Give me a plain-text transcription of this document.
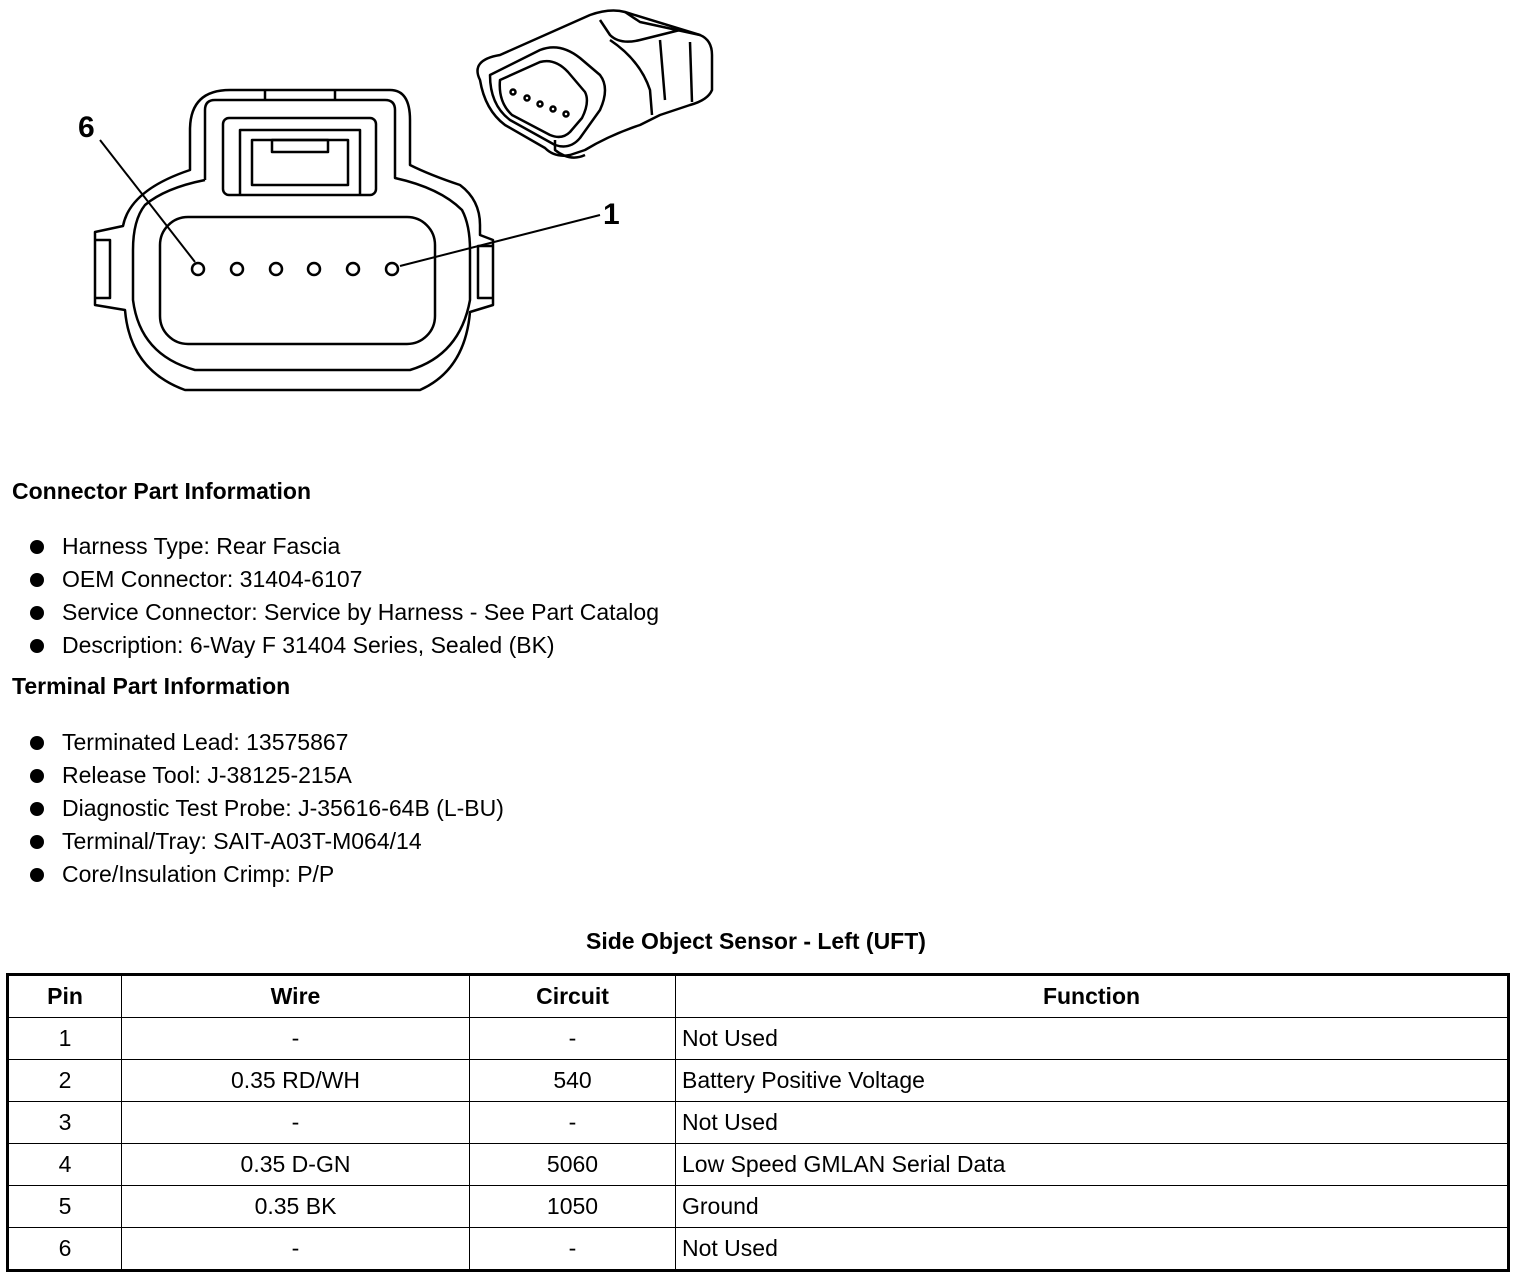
6
1
Connector Part Information
Harness Type: Rear Fascia
OEM Connector: 31404-6107
Service Connector: Service by Harness - See Part Catalog
Description: 6-Way F 31404 Series, Sealed (BK)
Terminal Part Information
Terminated Lead: 13575867
Release Tool: J-38125-215A
Diagnostic Test Probe: J-35616-64B (L-BU)
Terminal/Tray: SAIT-A03T-M064/14
Core/Insulation Crimp: P/P
Side Object Sensor - Left (UFT)
Pin	Wire	Circuit	Function
1	-	-	Not Used
2	0.35 RD/WH	540	Battery Positive Voltage
3	-	-	Not Used
4	0.35 D-GN	5060	Low Speed GMLAN Serial Data
5	0.35 BK	1050	Ground
6	-	-	Not Used
